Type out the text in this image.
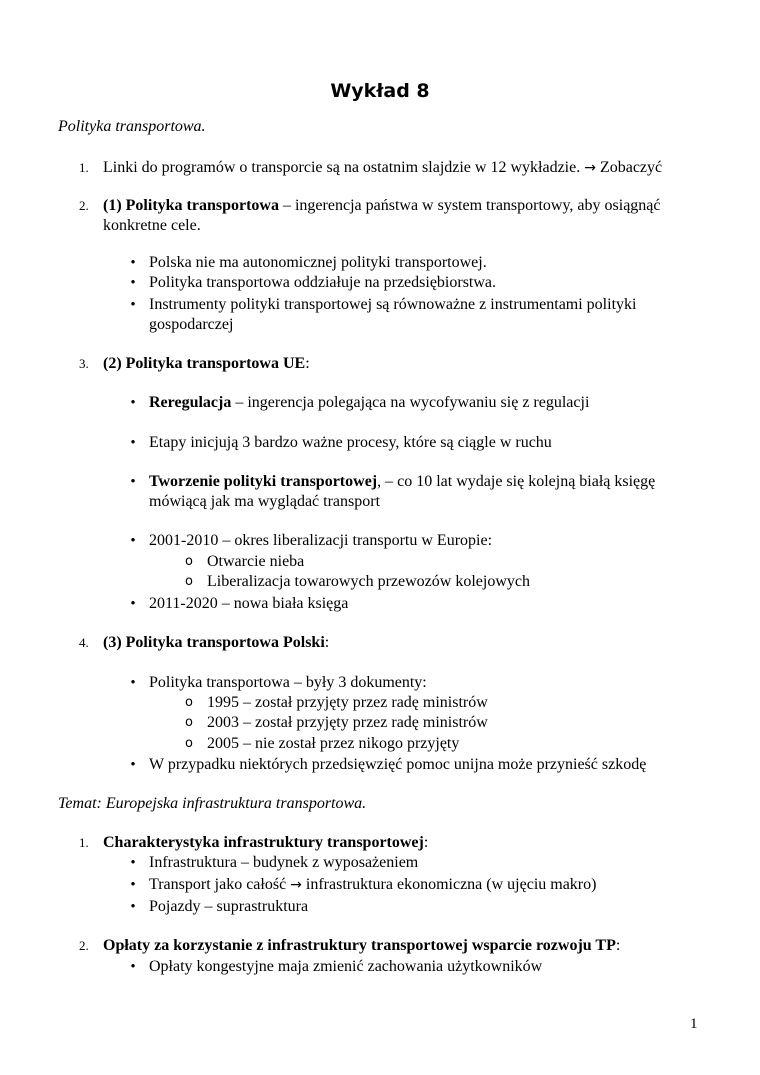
Wykład 8
Polityka transportowa.
1. Linki do programów o transporcie są na ostatnim slajdzie w 12 wykładzie. → Zobaczyć
2. (1) Polityka transportowa – ingerencja państwa w system transportowy, aby osiągnąć
konkretne cele.
• Polska nie ma autonomicznej polityki transportowej.
• Polityka transportowa oddziałuje na przedsiębiorstwa.
• Instrumenty polityki transportowej są równoważne z instrumentami polityki
gospodarczej
3. (2) Polityka transportowa UE:
• Reregulacja – ingerencja polegająca na wycofywaniu się z regulacji
• Etapy inicjują 3 bardzo ważne procesy, które są ciągle w ruchu
• Tworzenie polityki transportowej, – co 10 lat wydaje się kolejną białą księgę
mówiącą jak ma wyglądać transport
• 2001-2010 – okres liberalizacji transportu w Europie:
o Otwarcie nieba
o Liberalizacja towarowych przewozów kolejowych
• 2011-2020 – nowa biała księga
4. (3) Polityka transportowa Polski:
• Polityka transportowa – były 3 dokumenty:
o 1995 – został przyjęty przez radę ministrów
o 2003 – został przyjęty przez radę ministrów
o 2005 – nie został przez nikogo przyjęty
• W przypadku niektórych przedsięwzięć pomoc unijna może przynieść szkodę
Temat: Europejska infrastruktura transportowa.
1. Charakterystyka infrastruktury transportowej:
• Infrastruktura – budynek z wyposażeniem
• Transport jako całość → infrastruktura ekonomiczna (w ujęciu makro)
• Pojazdy – suprastruktura
2. Opłaty za korzystanie z infrastruktury transportowej wsparcie rozwoju TP:
• Opłaty kongestyjne maja zmienić zachowania użytkowników
1
